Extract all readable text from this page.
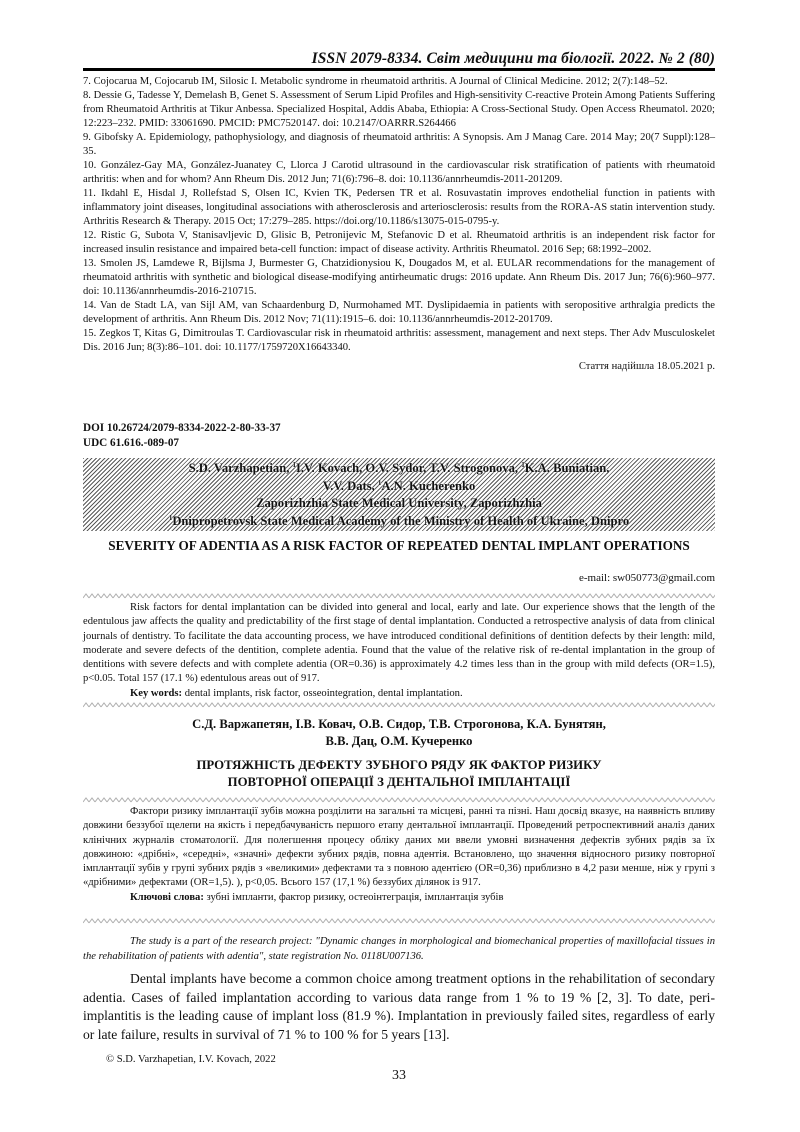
ISSN 2079-8334. Світ медицини та біології. 2022. № 2 (80)

7. Cojocarua M, Cojocarub IM, Silosic I. Metabolic syndrome in rheumatoid arthritis. A Journal of Clinical Medicine. 2012; 2(7):148–52.

8. Dessie G, Tadesse Y, Demelash B, Genet S. Assessment of Serum Lipid Profiles and High-sensitivity C-reactive Protein Among Patients Suffering from Rheumatoid Arthritis at Tikur Anbessa. Specialized Hospital, Addis Ababa, Ethiopia: A Cross-Sectional Study. Open Access Rheumatol. 2020; 12:223–232. PMID: 33061690. PMCID: PMC7520147. doi: 10.2147/OARRR.S264466

9. Gibofsky A. Epidemiology, pathophysiology, and diagnosis of rheumatoid arthritis: A Synopsis. Am J Manag Care. 2014 May; 20(7 Suppl):128–35.

10. González-Gay MA, González-Juanatey C, Llorca J Carotid ultrasound in the cardiovascular risk stratification of patients with rheumatoid arthritis: when and for whom? Ann Rheum Dis. 2012 Jun; 71(6):796–8. doi: 10.1136/annrheumdis-2011-201209.

11. Ikdahl E, Hisdal J, Rollefstad S, Olsen IC, Kvien TK, Pedersen TR et al. Rosuvastatin improves endothelial function in patients with inflammatory joint diseases, longitudinal associations with atherosclerosis and arteriosclerosis: results from the RORA-AS statin intervention study. Arthritis Research & Therapy. 2015 Oct; 17:279–285. https://doi.org/10.1186/s13075-015-0795-y.

12. Ristic G, Subota V, Stanisavljevic D, Glisic B, Petronijevic M, Stefanovic D et al. Rheumatoid arthritis is an independent risk factor for increased insulin resistance and impaired beta-cell function: impact of disease activity. Arthritis Rheumatol. 2016 Sep; 68:1992–2002.

13. Smolen JS, Lamdewe R, Bijlsma J, Burmester G, Chatzidionysiou K, Dougados M, et al. EULAR recommendations for the management of rheumatoid arthritis with synthetic and biological disease-modifying antirheumatic drugs: 2016 update. Ann Rheum Dis. 2017 Jun; 76(6):960–977. doi: 10.1136/annrheumdis-2016-210715.

14. Van de Stadt LA, van Sijl AM, van Schaardenburg D, Nurmohamed MT. Dyslipidaemia in patients with seropositive arthralgia predicts the development of arthritis. Ann Rheum Dis. 2012 Nov; 71(11):1915–6. doi: 10.1136/annrheumdis-2012-201709.

15. Zegkos T, Kitas G, Dimitroulas T. Cardiovascular risk in rheumatoid arthritis: assessment, management and next steps. Ther Adv Musculoskelet Dis. 2016 Jun; 8(3):86–101. doi: 10.1177/1759720X16643340.

Стаття надійшла 18.05.2021 р.

DOI 10.26724/2079-8334-2022-2-80-33-37
UDC 61.616.-089-07
S.D. Varzhapetian, $^1$I.V. Kovach, O.V. Sydor, T.V. Strogonova, $^1$K.A. Buniatian,
V.V. Dats, $^1$A.N. Kucherenko
Zaporizhzhia State Medical University, Zaporizhzhia
$^1$Dnipropetrovsk State Medical Academy of the Ministry of Health of Ukraine, Dnipro
SEVERITY OF ADENTIA AS A RISK FACTOR OF REPEATED DENTAL IMPLANT OPERATIONS
e-mail: sw050773@gmail.com

Risk factors for dental implantation can be divided into general and local, early and late. Our experience shows that the length of the edentulous jaw affects the quality and predictability of the first stage of dental implantation. Conducted a retrospective analysis of data from clinical journals of dentistry. To facilitate the data accounting process, we have introduced conditional definitions of dentition defects by their length: mild, moderate and severe defects of the dentition, complete adentia. Found that the value of the relative risk of re-dental implantation in the group of dentitions with severe defects and with complete adentia (OR=0.36) is approximately 4.2 times less than in the group with mild defects (OR=1.5), p<0.05. Total 157 (17.1 %) edentulous areas out of 917.

Key words: dental implants, risk factor, osseointegration, dental implantation.

С.Д. Варжапетян, І.В. Ковач, О.В. Сидор, Т.В. Строгонова, К.А. Бунятян,
В.В. Дац, О.М. Кучеренко
ПРОТЯЖНІСТЬ ДЕФЕКТУ ЗУБНОГО РЯДУ ЯК ФАКТОР РИЗИКУ
ПОВТОРНОЇ ОПЕРАЦІЇ З ДЕНТАЛЬНОЇ ІМПЛАНТАЦІЇ

Фактори ризику імплантації зубів можна розділити на загальні та місцеві, ранні та пізні. Наш досвід вказує, на наявність впливу довжини беззубої щелепи на якість і передбачуваність першого етапу дентальної імплантації. Проведений ретроспективний аналіз даних клінічних журналів стоматології. Для полегшення процесу обліку даних ми ввели умовні визначення дефектів зубних рядів за їх довжиною: «дрібні», «середні», «значні» дефекти зубних рядів, повна адентія. Встановлено, що значення відносного ризику повторної імплантації зубів у групі зубних рядів з «великими» дефектами та з повною адентією (OR=0,36) приблизно в 4,2 рази менше, ніж у групі з «дрібними» дефектами (OR=1,5). ), p<0,05. Всього 157 (17,1 %) беззубих ділянок із 917.

Ключові слова: зубні імпланти, фактор ризику, остеоінтеграція, імплантація зубів

The study is a part of the research project: "Dynamic changes in morphological and biomechanical properties of maxillofacial tissues in the rehabilitation of patients with adentia", state registration No. 0118U007136.

Dental implants have become a common choice among treatment options in the rehabilitation of secondary adentia. Cases of failed implantation according to various data range from 1 % to 19 % [2, 3]. To date, peri-implantitis is the leading cause of implant loss (81.9 %). Implantation in previously failed sites, regardless of early or late failure, results in survival of 71 % to 100 % for 5 years [13].

© S.D. Varzhapetian, I.V. Kovach, 2022
33
